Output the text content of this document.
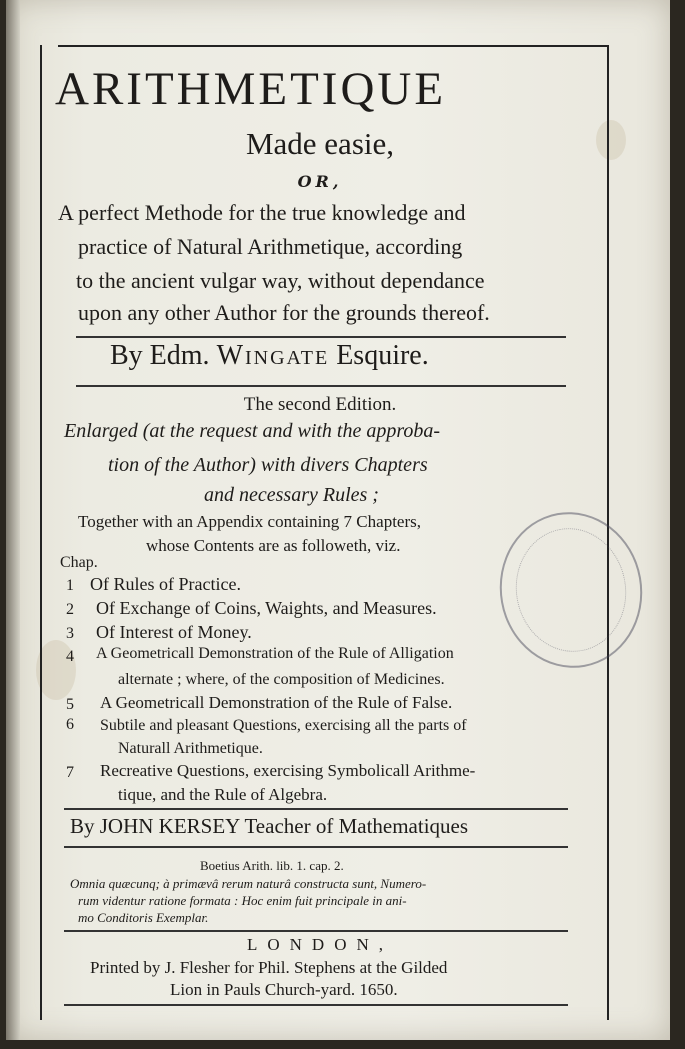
ARITHMETIQUE
Made easie,
OR,
A perfect Methode for the true knowledge and
practice of Natural Arithmetique, according
to the ancient vulgar way, without dependance
upon any other Author for the grounds thereof.
By Edm. Wingate Esquire.
The second Edition.
Enlarged (at the request and with the approba-
tion of the Author) with divers Chapters
and necessary Rules ;
Together with an Appendix containing 7 Chapters,
whose Contents are as followeth, viz.
Chap.
1 Of Rules of Practice.
2 Of Exchange of Coins, Waights, and Measures.
3 Of Interest of Money.
4 A Geometricall Demonstration of the Rule of Alligation
alternate ; where, of the composition of Medicines.
5 A Geometricall Demonstration of the Rule of False.
6 Subtile and pleasant Questions, exercising all the parts of
Naturall Arithmetique.
7 Recreative Questions, exercising Symbolicall Arithme-
tique, and the Rule of Algebra.
By JOHN KERSEY Teacher of Mathematiques
Boetius Arith. lib. 1. cap. 2.
Omnia quæcunq; à primævâ rerum naturâ constructa sunt, Numero-
rum videntur ratione formata : Hoc enim fuit principale in ani-
mo Conditoris Exemplar.
LONDON,
Printed by J. Flesher for Phil. Stephens at the Gilded
Lion in Pauls Church-yard. 1650.
